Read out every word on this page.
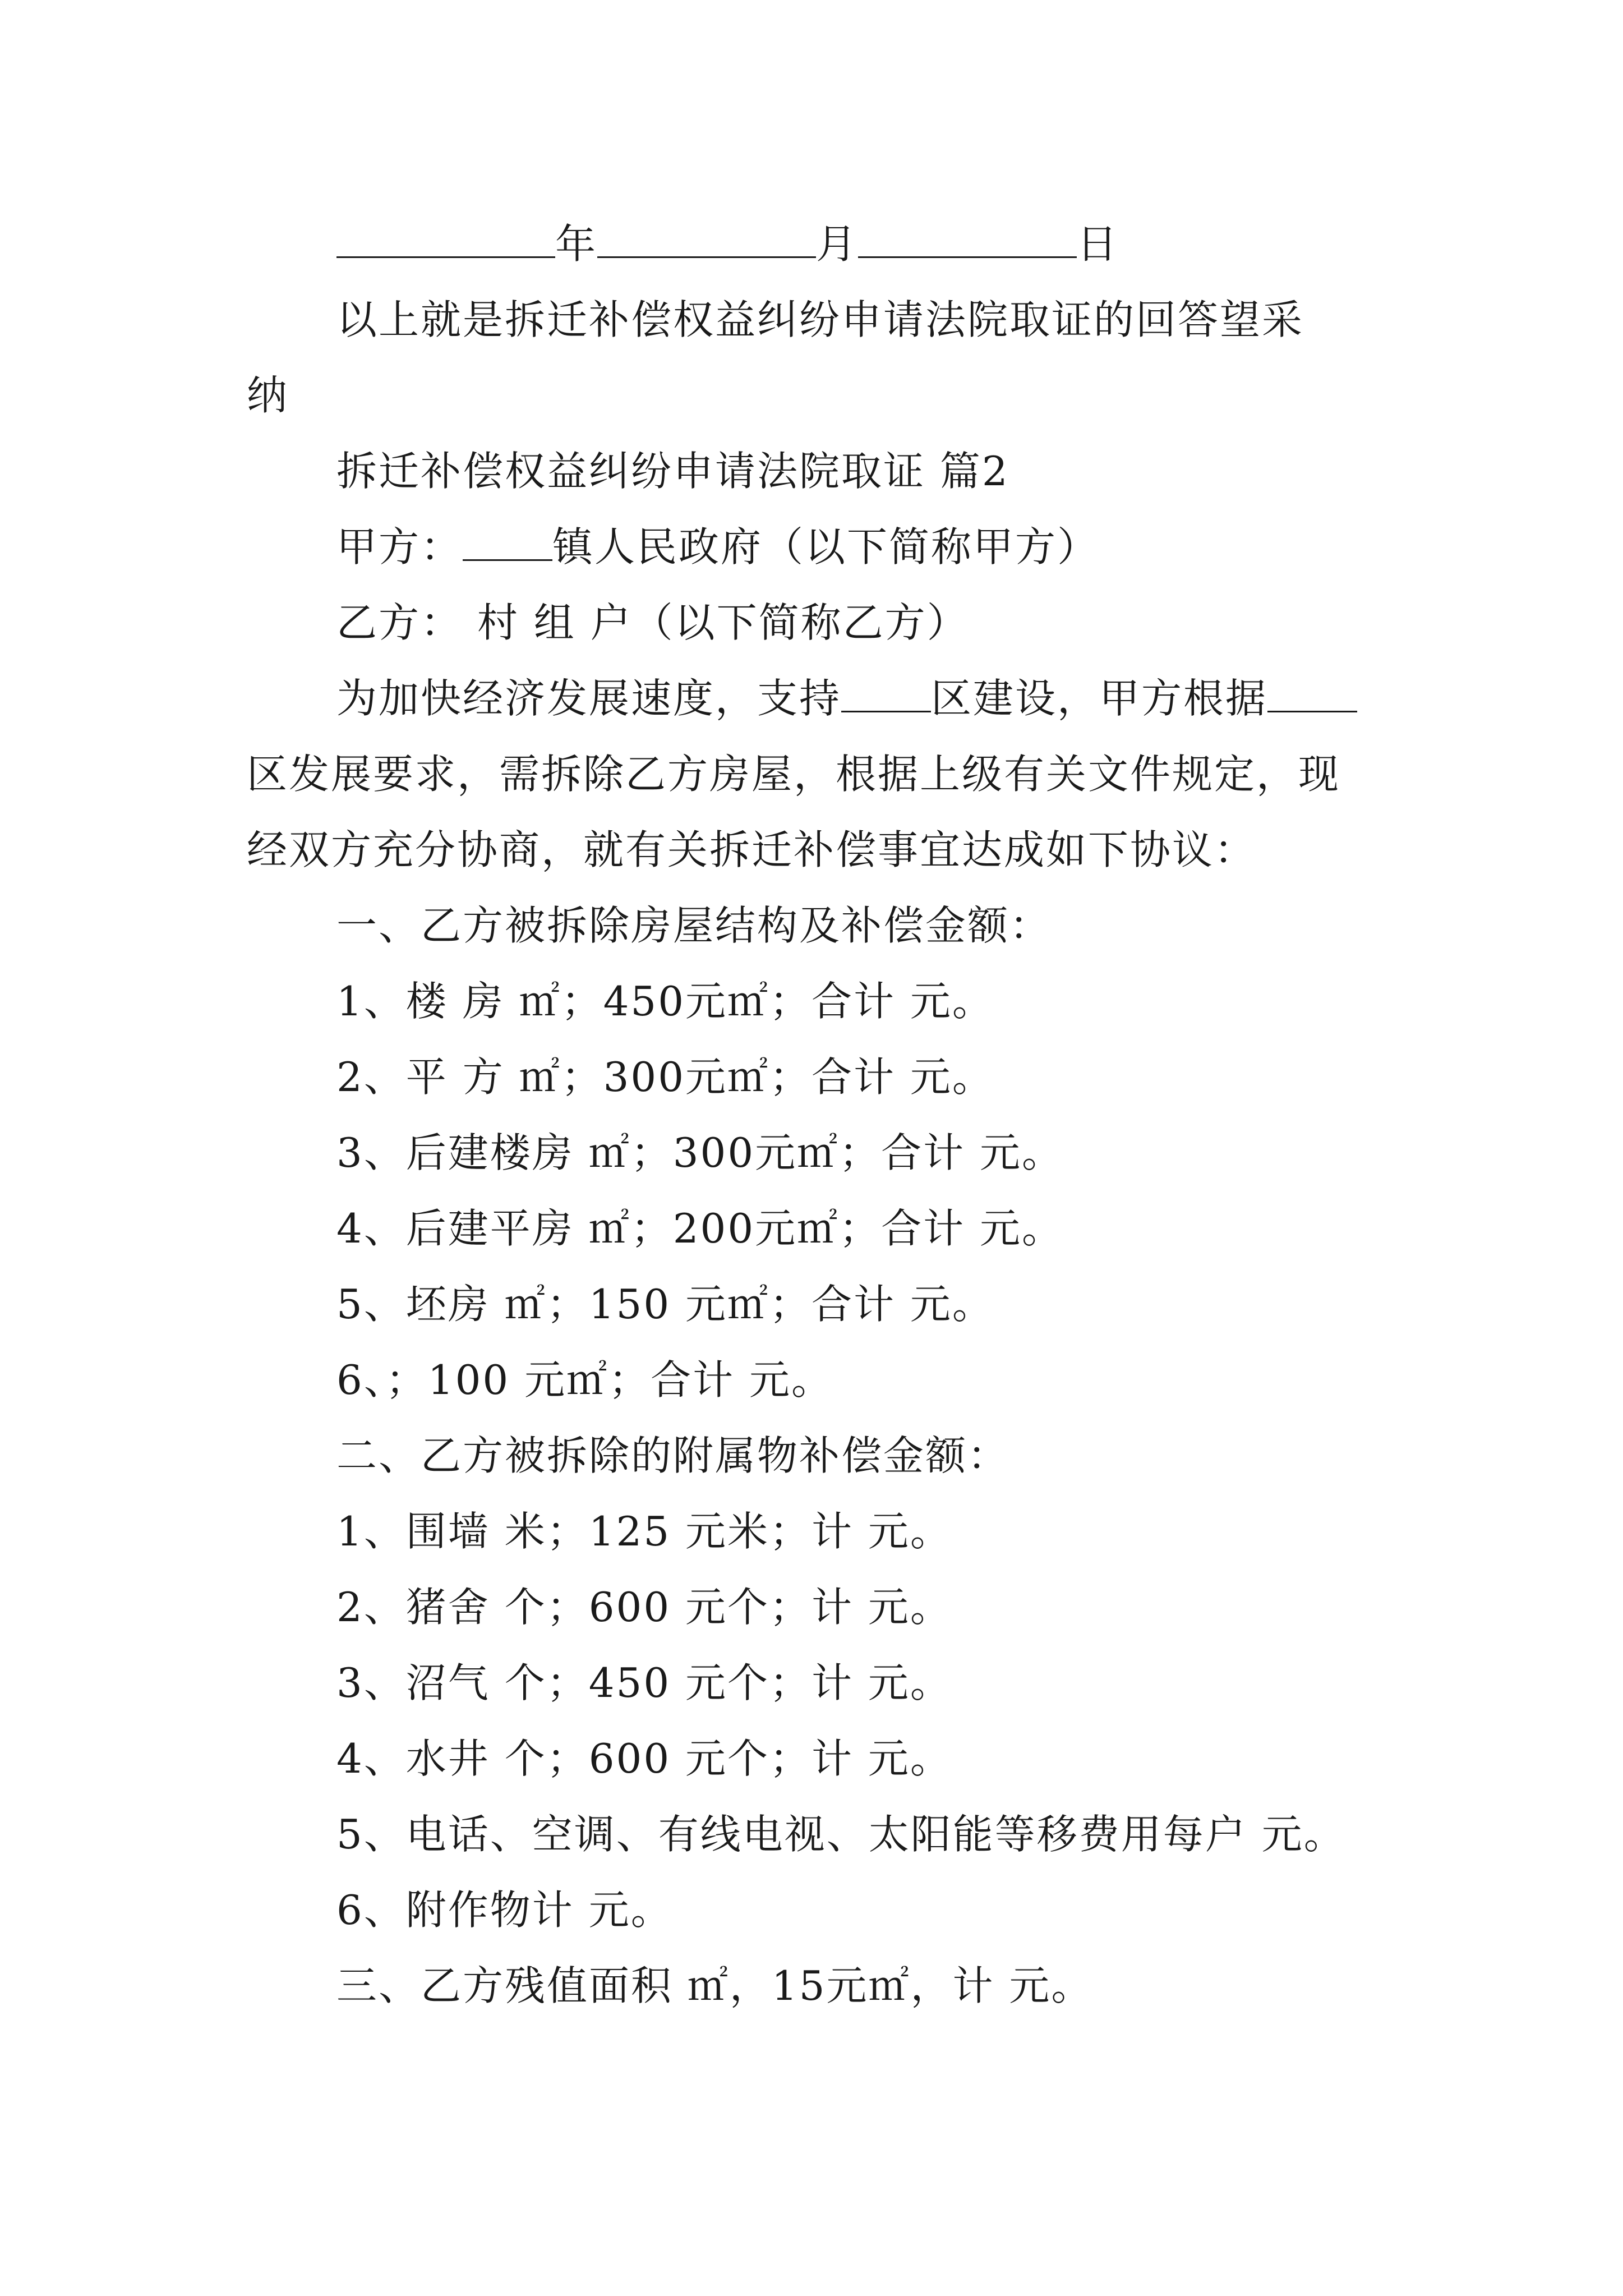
年	月	日
以上就是拆迁补偿权益纠纷申请法院取证的回答望采
纳
拆迁补偿权益纠纷申请法院取证 篇2
甲方： 镇人民政府（以下简称甲方）
乙方： 村 组 户（以下简称乙方）
为加快经济发展速度，支持 区建设，甲方根据
区发展要求，需拆除乙方房屋，根据上级有关文件规定，现
经双方充分协商，就有关拆迁补偿事宜达成如下协议：
一、乙方被拆除房屋结构及补偿金额：
1、楼 房 ㎡；450元㎡；合计 元。
2、平 方 ㎡；300元㎡；合计 元。
3、后建楼房 ㎡；300元㎡；合计 元。
4、后建平房 ㎡；200元㎡；合计 元。
5、坯房 ㎡；150 元㎡；合计 元。
6、；100 元㎡；合计 元。
二、乙方被拆除的附属物补偿金额：
1、围墙 米；125 元米；计 元。
2、猪舍 个；600 元个；计 元。
3、沼气 个；450 元个；计 元。
4、水井 个；600 元个；计 元。
5、电话、空调、有线电视、太阳能等移费用每户 元。
6、附作物计 元。
三、乙方残值面积 ㎡，15元㎡，计 元。
